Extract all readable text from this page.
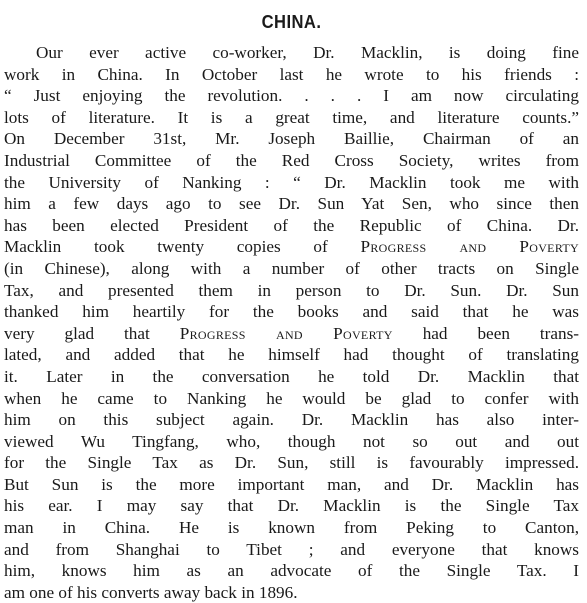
CHINA.
Our ever active co-worker, Dr. Macklin, is doing fine
work in China. In October last he wrote to his friends :
“ Just enjoying the revolution. . . . I am now circulating
lots of literature. It is a great time, and literature counts.”
On December 31st, Mr. Joseph Baillie, Chairman of an
Industrial Committee of the Red Cross Society, writes from
the University of Nanking : “ Dr. Macklin took me with
him a few days ago to see Dr. Sun Yat Sen, who since then
has been elected President of the Republic of China. Dr.
Macklin took twenty copies of Progress and Poverty
(in Chinese), along with a number of other tracts on Single
Tax, and presented them in person to Dr. Sun. Dr. Sun
thanked him heartily for the books and said that he was
very glad that Progress and Poverty had been trans-
lated, and added that he himself had thought of translating
it. Later in the conversation he told Dr. Macklin that
when he came to Nanking he would be glad to confer with
him on this subject again. Dr. Macklin has also inter-
viewed Wu Tingfang, who, though not so out and out
for the Single Tax as Dr. Sun, still is favourably impressed.
But Sun is the more important man, and Dr. Macklin has
his ear. I may say that Dr. Macklin is the Single Tax
man in China. He is known from Peking to Canton,
and from Shanghai to Tibet ; and everyone that knows
him, knows him as an advocate of the Single Tax. I
am one of his converts away back in 1896.
